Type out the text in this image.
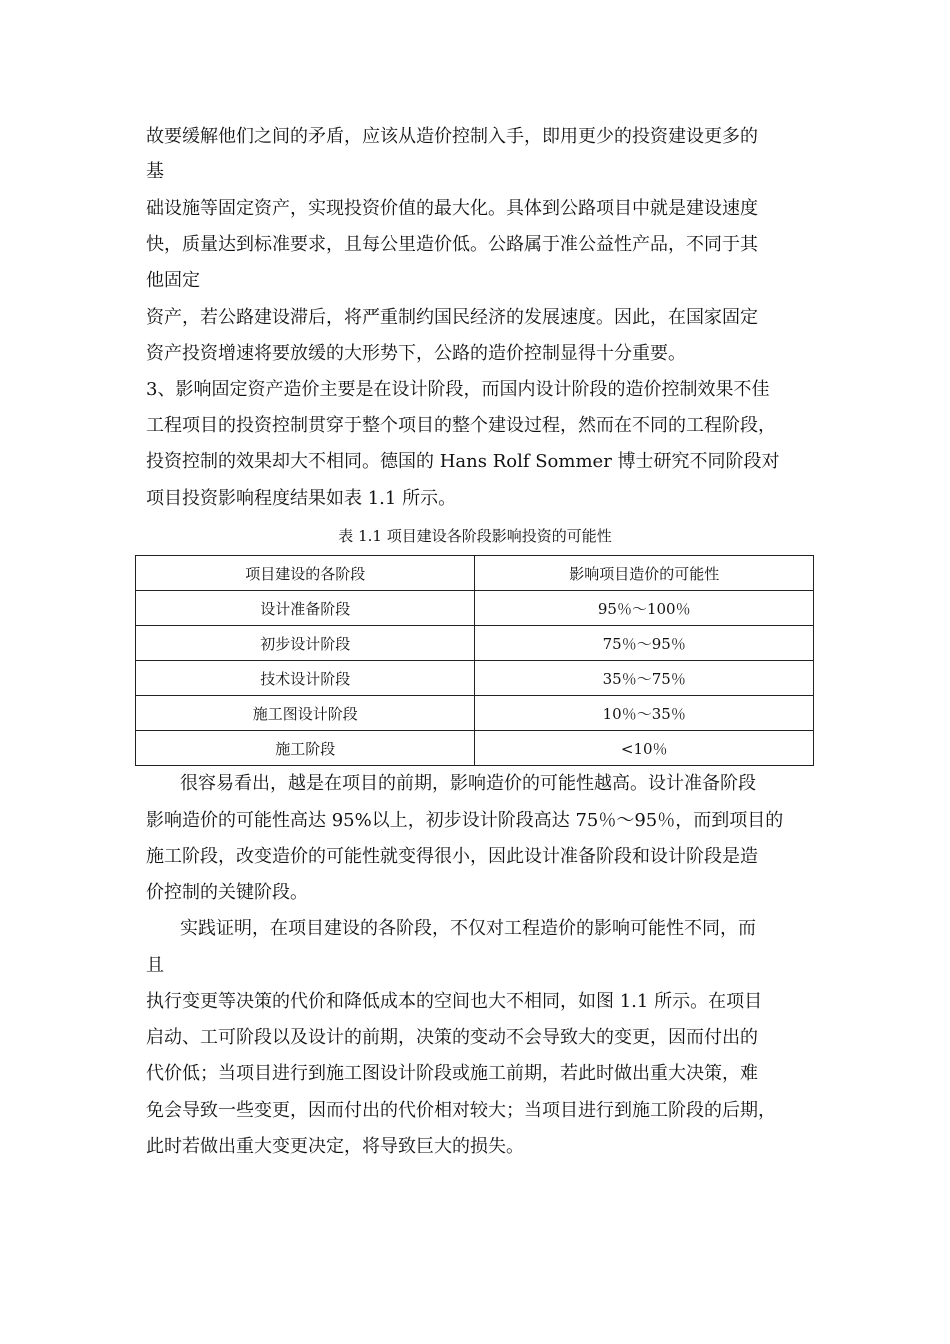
故要缓解他们之间的矛盾，应该从造价控制入手，即用更少的投资建设更多的
基
础设施等固定资产，实现投资价值的最大化。具体到公路项目中就是建设速度
快，质量达到标准要求，且每公里造价低。公路属于准公益性产品，不同于其
他固定
资产，若公路建设滞后，将严重制约国民经济的发展速度。因此，在国家固定
资产投资增速将要放缓的大形势下，公路的造价控制显得十分重要。
3、影响固定资产造价主要是在设计阶段，而国内设计阶段的造价控制效果不佳
工程项目的投资控制贯穿于整个项目的整个建设过程，然而在不同的工程阶段，
投资控制的效果却大不相同。德国的 Hans Rolf Sommer 博士研究不同阶段对
项目投资影响程度结果如表 1.1 所示。
表 1.1 项目建设各阶段影响投资的可能性
项目建设的各阶段	影响项目造价的可能性
设计准备阶段	95％～100％
初步设计阶段	75％～95％
技术设计阶段	35％～75％
施工图设计阶段	10％～35％
施工阶段	<10％
很容易看出，越是在项目的前期，影响造价的可能性越高。设计准备阶段
影响造价的可能性高达 95%以上，初步设计阶段高达 75％～95％，而到项目的
施工阶段，改变造价的可能性就变得很小，因此设计准备阶段和设计阶段是造
价控制的关键阶段。
实践证明，在项目建设的各阶段，不仅对工程造价的影响可能性不同，而
且
执行变更等决策的代价和降低成本的空间也大不相同，如图 1.1 所示。在项目
启动、工可阶段以及设计的前期，决策的变动不会导致大的变更，因而付出的
代价低；当项目进行到施工图设计阶段或施工前期，若此时做出重大决策，难
免会导致一些变更，因而付出的代价相对较大；当项目进行到施工阶段的后期，
此时若做出重大变更决定，将导致巨大的损失。
